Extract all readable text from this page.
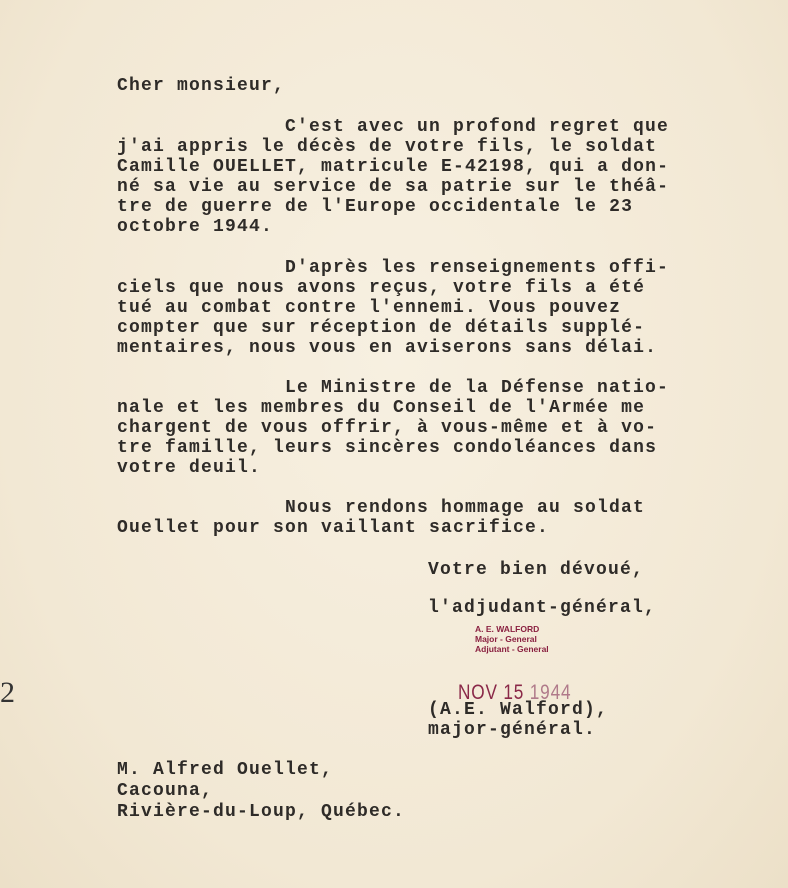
Cher monsieur,
C'est avec un profond regret que
j'ai appris le décès de votre fils, le soldat
Camille OUELLET, matricule E-42198, qui a don-
né sa vie au service de sa patrie sur le théâ-
tre de guerre de l'Europe occidentale le 23
octobre 1944.
D'après les renseignements offi-
ciels que nous avons reçus, votre fils a été
tué au combat contre l'ennemi. Vous pouvez
compter que sur réception de détails supplé-
mentaires, nous vous en aviserons sans délai.
Le Ministre de la Défense natio-
nale et les membres du Conseil de l'Armée me
chargent de vous offrir, à vous-même et à vo-
tre famille, leurs sincères condoléances dans
votre deuil.
Nous rendons hommage au soldat
Ouellet pour son vaillant sacrifice.
Votre bien dévoué,
l'adjudant-général,
A. E. WALFORD
Major - General
Adjutant - General
NOV 15 1944
(A.E. Walford),
major-général.
M. Alfred Ouellet,
Cacouna,
Rivière-du-Loup, Québec.
2
